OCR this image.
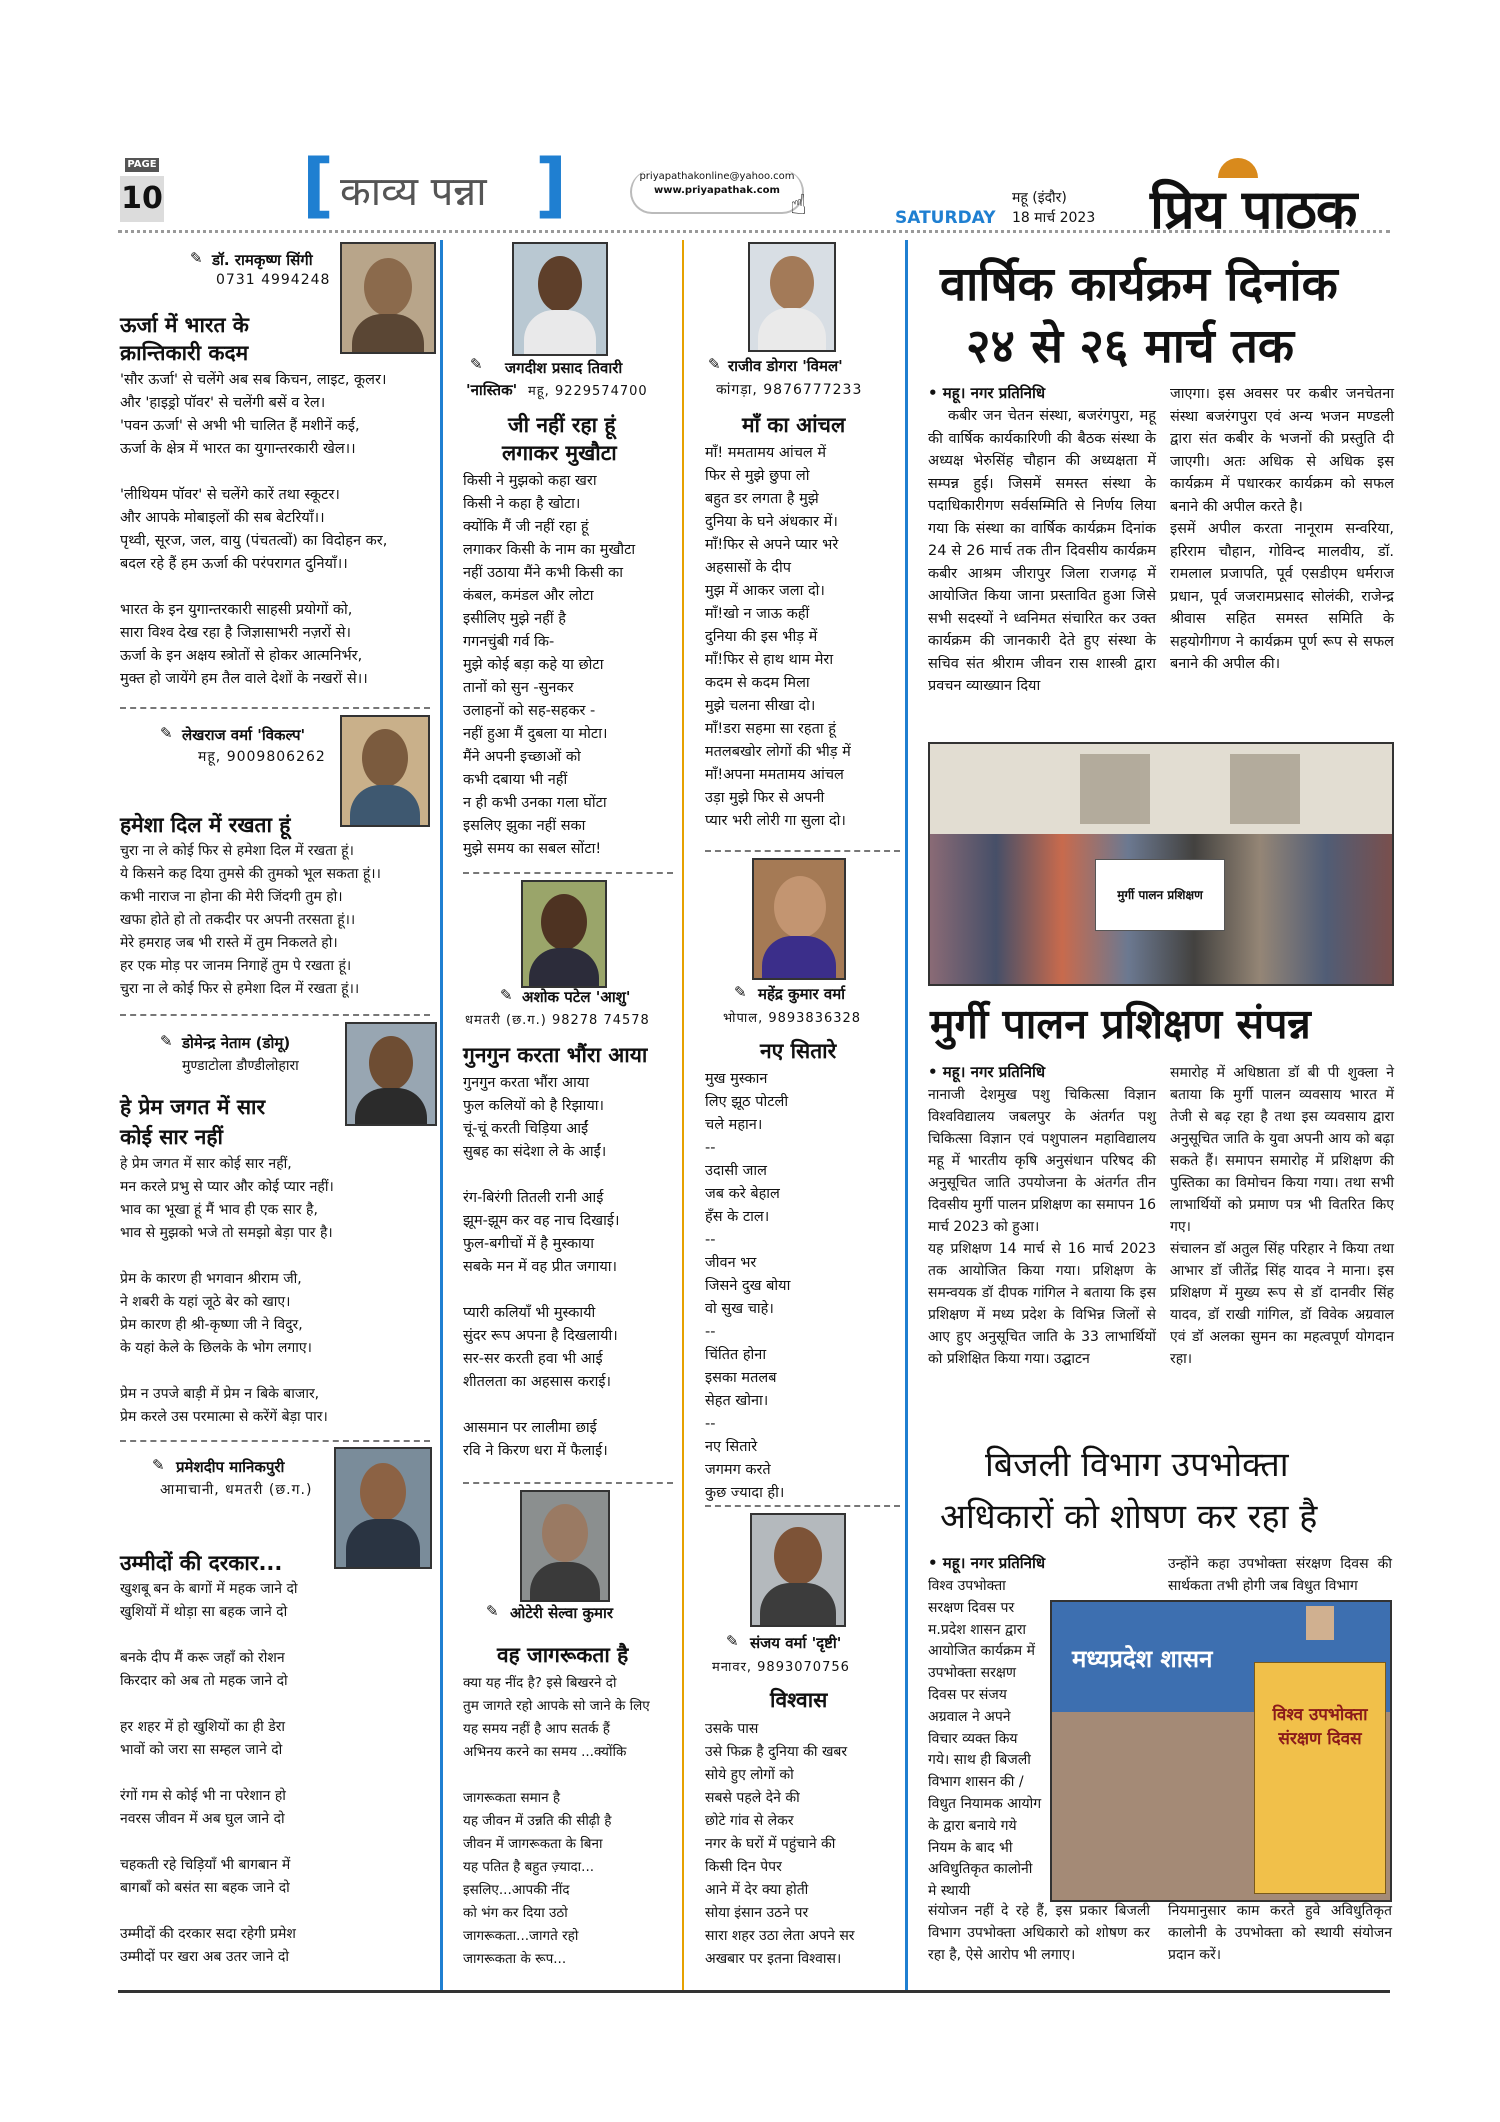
PAGE
10 [ काव्य पन्ना ]	priyapathakonline@yahoo.com
www.priyapathak.com ☝	SATURDAY
महू (इंदौर)
18 मार्च 2023 प्रिय पाठक
✎ डॉ. रामकृष्ण सिंगी
0731 4994248
ऊर्जा में भारत के
क्रान्तिकारी कदम
'सौर ऊर्जा' से चलेंगे अब सब किचन, लाइट, कूलर।
और 'हाइड्रो पॉवर' से चलेंगी बसें व रेल।
'पवन ऊर्जा' से अभी भी चालित हैं मशीनें कई,
ऊर्जा के क्षेत्र में भारत का युगान्तरकारी खेल।।

'लीथियम पॉवर' से चलेंगे कारें तथा स्कूटर।
और आपके मोबाइलों की सब बेटरियाँ।।
पृथ्वी, सूरज, जल, वायु (पंचतत्वों) का विदोहन कर,
बदल रहे हैं हम ऊर्जा की परंपरागत दुनियाँ।।

भारत के इन युगान्तरकारी साहसी प्रयोगों को,
सारा विश्व देख रहा है जिज्ञासाभरी नज़रों से।
ऊर्जा के इन अक्षय स्त्रोतों से होकर आत्मनिर्भर,
मुक्त हो जायेंगे हम तैल वाले देशों के नखरों से।।
✎ लेखराज वर्मा 'विकल्प'
महू, 9009806262
हमेशा दिल में रखता हूं
चुरा ना ले कोई फिर से हमेशा दिल में रखता हूं।
ये किसने कह दिया तुमसे की तुमको भूल सकता हूं।।
कभी नाराज ना होना की मेरी जिंदगी तुम हो।
खफा होते हो तो तकदीर पर अपनी तरसता हूं।।
मेरे हमराह जब भी रास्ते में तुम निकलते हो।
हर एक मोड़ पर जानम निगाहें तुम पे रखता हूं।
चुरा ना ले कोई फिर से हमेशा दिल में रखता हूं।।
✎ डोमेन्द्र नेताम (डोमू)
मुण्डाटोला डौण्डीलोहारा
हे प्रेम जगत में सार
कोई सार नहीं
हे प्रेम जगत में सार कोई सार नहीं,
मन करले प्रभु से प्यार और कोई प्यार नहीं।
भाव का भूखा हूं मैं भाव ही एक सार है,
भाव से मुझको भजे तो समझो बेड़ा पार है।

प्रेम के कारण ही भगवान श्रीराम जी,
ने शबरी के यहां जूठे बेर को खाए।
प्रेम कारण ही श्री-कृष्णा जी ने विदुर,
के यहां केले के छिलके के भोग लगाए।

प्रेम न उपजे बाड़ी में प्रेम न बिके बाजार,
प्रेम करले उस परमात्मा से करेंगें बेड़ा पार।
✎ प्रमेशदीप मानिकपुरी
आमाचानी, धमतरी (छ.ग.)
उम्मीदों की दरकार...
खुशबू बन के बागों में महक जाने दो
खुशियों में थोड़ा सा बहक जाने दो

बनके दीप मैं करू जहाँ को रोशन
किरदार को अब तो महक जाने दो

हर शहर में हो खुशियों का ही डेरा
भावों को जरा सा सम्हल जाने दो

रंगों गम से कोई भी ना परेशान हो
नवरस जीवन में अब घुल जाने दो

चहकती रहे चिड़ियाँ भी बागबान में
बागबाँ को बसंत सा बहक जाने दो

उम्मीदों की दरकार सदा रहेगी प्रमेश
उम्मीदों पर खरा अब उतर जाने दो
✎ जगदीश प्रसाद तिवारी
'नास्तिक' महू, 9229574700
जी नहीं रहा हूं
लगाकर मुखौटा
किसी ने मुझको कहा खरा
किसी ने कहा है खोटा।
क्योंकि मैं जी नहीं रहा हूं
लगाकर किसी के नाम का मुखौटा
नहीं उठाया मैंने कभी किसी का
कंबल, कमंडल और लोटा
इसीलिए मुझे नहीं है
गगनचुंबी गर्व कि-
मुझे कोई बड़ा कहे या छोटा
तानों को सुन -सुनकर
उलाहनों को सह-सहकर -
नहीं हुआ मैं दुबला या मोटा।
मैंने अपनी इच्छाओं को
कभी दबाया भी नहीं
न ही कभी उनका गला घोंटा
इसलिए झुका नहीं सका
मुझे समय का सबल सोंटा!
✎ अशोक पटेल 'आशु'
धमतरी (छ.ग.) 98278 74578
गुनगुन करता भौंरा आया
गुनगुन करता भौंरा आया
फुल कलियों को है रिझाया।
चूं-चूं करती चिड़िया आईं
सुबह का संदेशा ले के आईं।

रंग-बिरंगी तितली रानी आई
झूम-झूम कर वह नाच दिखाई।
फुल-बगीचों में है मुस्काया
सबके मन में वह प्रीत जगाया।

प्यारी कलियाँ भी मुस्कायी
सुंदर रूप अपना है दिखलायी।
सर-सर करती हवा भी आई
शीतलता का अहसास कराई।

आसमान पर लालीमा छाई
रवि ने किरण धरा में फैलाई।
✎ ओटेरी सेल्वा कुमार
वह जागरूकता है
क्या यह नींद है? इसे बिखरने दो
तुम जागते रहो आपके सो जाने के लिए
यह समय नहीं है आप सतर्क हैं
अभिनय करने का समय ...क्योंकि

जागरूकता समान है
यह जीवन में उन्नति की सीढ़ी है
जीवन में जागरूकता के बिना
यह पतित है बहुत ज़्यादा...
इसलिए...आपकी नींद
को भंग कर दिया उठो
जागरूकता...जागते रहो
जागरूकता के रूप...
✎ राजीव डोगरा 'विमल'
कांगड़ा, 9876777233
माँ का आंचल
माँ! ममतामय आंचल में
फिर से मुझे छुपा लो
बहुत डर लगता है मुझे
दुनिया के घने अंधकार में।
माँ!फिर से अपने प्यार भरे
अहसासों के दीप
मुझ में आकर जला दो।
माँ!खो न जाऊ कहीं
दुनिया की इस भीड़ में
माँ!फिर से हाथ थाम मेरा
कदम से कदम मिला
मुझे चलना सीखा दो।
माँ!डरा सहमा सा रहता हूं
मतलबखोर लोगों की भीड़ में
माँ!अपना ममतामय आंचल
उड़ा मुझे फिर से अपनी
प्यार भरी लोरी गा सुला दो।
✎ महेंद्र कुमार वर्मा
भोपाल, 9893836328
नए सितारे
मुख मुस्कान
लिए झूठ पोटली
चले महान।
--
उदासी जाल
जब करे बेहाल
हँस के टाल।
--
जीवन भर
जिसने दुख बोया
वो सुख चाहे।
--
चिंतित होना
इसका मतलब
सेहत खोना।
--
नए सितारे
जगमग करते
कुछ ज्यादा ही।
✎ संजय वर्मा 'दृष्टी'
मनावर, 9893070756
विश्वास
उसके पास
उसे फिक्र है दुनिया की खबर
सोये हुए लोगों को
सबसे पहले देने की
छोटे गांव से लेकर
नगर के घरों में पहुंचाने की
किसी दिन पेपर
आने में देर क्या होती
सोया इंसान उठने पर
सारा शहर उठा लेता अपने सर
अखबार पर इतना विश्वास।
वार्षिक कार्यक्रम दिनांक
२४ से २६ मार्च तक
• महू। नगर प्रतिनिधि
कबीर जन चेतन संस्था, बजरंगपुरा, महू की वार्षिक कार्यकारिणी की बैठक संस्था के अध्यक्ष भेरुसिंह चौहान की अध्यक्षता में सम्पन्न हुई। जिसमें समस्त संस्था के पदाधिकारीगण सर्वसम्मिति से निर्णय लिया गया कि संस्था का वार्षिक कार्यक्रम दिनांक 24 से 26 मार्च तक तीन दिवसीय कार्यक्रम कबीर आश्रम जीरापुर जिला राजगढ़ में आयोजित किया जाना प्रस्तावित हुआ जिसे सभी सदस्यों ने ध्वनिमत संचारित कर उक्त कार्यक्रम की जानकारी देते हुए संस्था के सचिव संत श्रीराम जीवन रास शास्त्री द्वारा प्रवचन व्याख्यान दिया
जाएगा। इस अवसर पर कबीर जनचेतना संस्था बजरंगपुरा एवं अन्य भजन मण्डली द्वारा संत कबीर के भजनों की प्रस्तुति दी जाएगी। अतः अधिक से अधिक इस कार्यक्रम में पधारकर कार्यक्रम को सफल बनाने की अपील करते है।
इसमें अपील करता नानूराम सन्वरिया, हरिराम चौहान, गोविन्द मालवीय, डॉ. रामलाल प्रजापति, पूर्व एसडीएम धर्मराज प्रधान, पूर्व जजरामप्रसाद सोलंकी, राजेन्द्र श्रीवास सहित समस्त समिति के सहयोगीगण ने कार्यक्रम पूर्ण रूप से सफल बनाने की अपील की।
मुर्गी पालन प्रशिक्षण
मुर्गी पालन प्रशिक्षण संपन्न
• महू। नगर प्रतिनिधि
नानाजी देशमुख पशु चिकित्सा विज्ञान विश्वविद्यालय जबलपुर के अंतर्गत पशु चिकित्सा विज्ञान एवं पशुपालन महाविद्यालय महू में भारतीय कृषि अनुसंधान परिषद की अनुसूचित जाति उपयोजना के अंतर्गत तीन दिवसीय मुर्गी पालन प्रशिक्षण का समापन 16 मार्च 2023 को हुआ।
यह प्रशिक्षण 14 मार्च से 16 मार्च 2023 तक आयोजित किया गया। प्रशिक्षण के समन्वयक डॉ दीपक गांगिल ने बताया कि इस प्रशिक्षण में मध्य प्रदेश के विभिन्न जिलों से आए हुए अनुसूचित जाति के 33 लाभार्थियों को प्रशिक्षित किया गया। उद्घाटन
समारोह में अधिष्ठाता डॉ बी पी शुक्ला ने बताया कि मुर्गी पालन व्यवसाय भारत में तेजी से बढ़ रहा है तथा इस व्यवसाय द्वारा अनुसूचित जाति के युवा अपनी आय को बढ़ा सकते हैं। समापन समारोह में प्रशिक्षण की पुस्तिका का विमोचन किया गया। तथा सभी लाभार्थियों को प्रमाण पत्र भी वितरित किए गए।
संचालन डॉ अतुल सिंह परिहार ने किया तथा आभार डॉ जीतेंद्र सिंह यादव ने माना। इस प्रशिक्षण में मुख्य रूप से डॉ दानवीर सिंह यादव, डॉ राखी गांगिल, डॉ विवेक अग्रवाल एवं डॉ अलका सुमन का महत्वपूर्ण योगदान रहा।
बिजली विभाग उपभोक्ता
अधिकारों को शोषण कर रहा है
• महू। नगर प्रतिनिधि
विश्व उपभोक्ता सरक्षण दिवस पर म.प्रदेश शासन द्वारा आयोजित कार्यक्रम में उपभोक्ता सरक्षण दिवस पर संजय अग्रवाल ने अपने विचार व्यक्त किय गये। साथ ही बिजली विभाग शासन की / विधुत नियामक आयोग के द्वारा बनाये गये नियम के बाद भी अविधुतिकृत कालोनी मे स्थायी
उन्होंने कहा उपभोक्ता संरक्षण दिवस की सार्थकता तभी होगी जब विधुत विभाग
मध्यप्रदेश शासन
विश्व उपभोक्ता
संरक्षण दिवस
संयोजन नहीं दे रहे हैं, इस प्रकार बिजली विभाग उपभोक्ता अधिकारो को शोषण कर रहा है, ऐसे आरोप भी लगाए।
नियमानुसार काम करते हुवे अविधुतिकृत कालोनी के उपभोक्ता को स्थायी संयोजन प्रदान करें।
